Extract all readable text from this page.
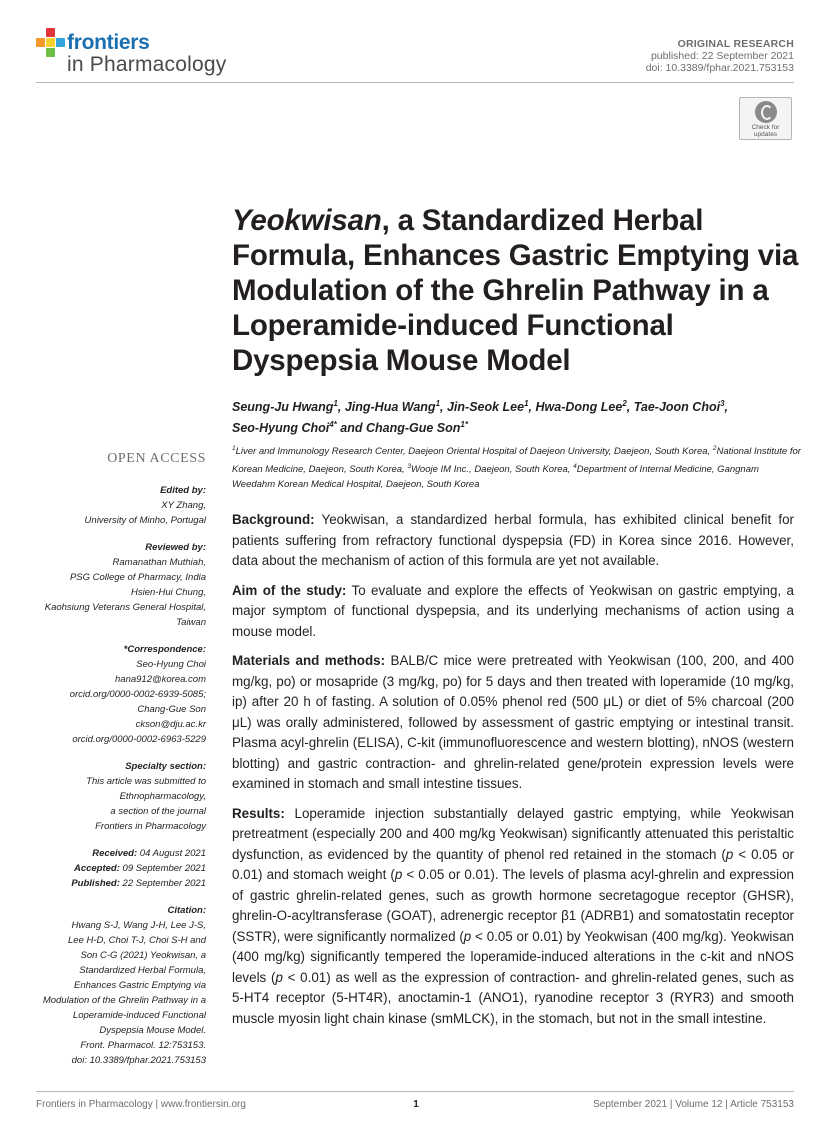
frontiers
in Pharmacology
ORIGINAL RESEARCH
published: 22 September 2021
doi: 10.3389/fphar.2021.753153
Check for
updates
Yeokwisan, a Standardized Herbal Formula, Enhances Gastric Emptying via Modulation of the Ghrelin Pathway in a Loperamide-induced Functional Dyspepsia Mouse Model
Seung-Ju Hwang$^1$, Jing-Hua Wang$^1$, Jin-Seok Lee$^1$, Hwa-Dong Lee$^2$, Tae-Joon Choi$^3$,
Seo-Hyung Choi$^{4*}$ and Chang-Gue Son$^{1*}$
$^1$Liver and Immunology Research Center, Daejeon Oriental Hospital of Daejeon University, Daejeon, South Korea, $^2$National Institute for Korean Medicine, Daejeon, South Korea, $^3$Wooje IM Inc., Daejeon, South Korea, $^4$Department of Internal Medicine, Gangnam Weedahm Korean Medical Hospital, Daejeon, South Korea
OPEN ACCESS
Edited by:
XY Zhang,
University of Minho, Portugal
Reviewed by:
Ramanathan Muthiah,
PSG College of Pharmacy, India
Hsien-Hui Chung,
Kaohsiung Veterans General Hospital,
Taiwan
*Correspondence:
Seo-Hyung Choi
hana912@korea.com
orcid.org/0000-0002-6939-5085;
Chang-Gue Son
ckson@dju.ac.kr
orcid.org/0000-0002-6963-5229
Specialty section:
This article was submitted to
Ethnopharmacology,
a section of the journal
Frontiers in Pharmacology
Received: 04 August 2021
Accepted: 09 September 2021
Published: 22 September 2021
Citation:
Hwang S-J, Wang J-H, Lee J-S,
Lee H-D, Choi T-J, Choi S-H and
Son C-G (2021) Yeokwisan, a
Standardized Herbal Formula,
Enhances Gastric Emptying via
Modulation of the Ghrelin Pathway in a
Loperamide-induced Functional
Dyspepsia Mouse Model.
Front. Pharmacol. 12:753153.
doi: 10.3389/fphar.2021.753153

Background: Yeokwisan, a standardized herbal formula, has exhibited clinical benefit for patients suffering from refractory functional dyspepsia (FD) in Korea since 2016. However, data about the mechanism of action of this formula are yet not available.

Aim of the study: To evaluate and explore the effects of Yeokwisan on gastric emptying, a major symptom of functional dyspepsia, and its underlying mechanisms of action using a mouse model.

Materials and methods: BALB/C mice were pretreated with Yeokwisan (100, 200, and 400 mg/kg, po) or mosapride (3 mg/kg, po) for 5 days and then treated with loperamide (10 mg/kg, ip) after 20 h of fasting. A solution of 0.05% phenol red (500 μL) or diet of 5% charcoal (200 μL) was orally administered, followed by assessment of gastric emptying or intestinal transit. Plasma acyl-ghrelin (ELISA), C-kit (immunofluorescence and western blotting), nNOS (western blotting) and gastric contraction- and ghrelin-related gene/protein expression levels were examined in stomach and small intestine tissues.

Results: Loperamide injection substantially delayed gastric emptying, while Yeokwisan pretreatment (especially 200 and 400 mg/kg Yeokwisan) significantly attenuated this peristaltic dysfunction, as evidenced by the quantity of phenol red retained in the stomach (p < 0.05 or 0.01) and stomach weight (p < 0.05 or 0.01). The levels of plasma acyl-ghrelin and expression of gastric ghrelin-related genes, such as growth hormone secretagogue receptor (GHSR), ghrelin-O-acyltransferase (GOAT), adrenergic receptor β1 (ADRB1) and somatostatin receptor (SSTR), were significantly normalized (p < 0.05 or 0.01) by Yeokwisan (400 mg/kg). Yeokwisan (400 mg/kg) significantly tempered the loperamide-induced alterations in the c-kit and nNOS levels (p < 0.01) as well as the expression of contraction- and ghrelin-related genes, such as 5-HT4 receptor (5-HT4R), anoctamin-1 (ANO1), ryanodine receptor 3 (RYR3) and smooth muscle myosin light chain kinase (smMLCK), in the stomach, but not in the small intestine.

Frontiers in Pharmacology | www.frontiersin.org	1	September 2021 | Volume 12 | Article 753153
